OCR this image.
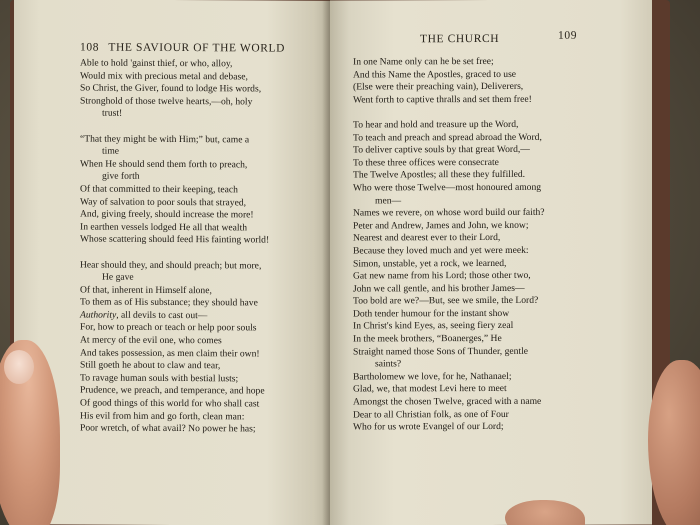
108 THE SAVIOUR OF THE WORLD
Able to hold 'gainst thief, or who, alloy,
Would mix with precious metal and debase,
So Christ, the Giver, found to lodge His words,
Stronghold of those twelve hearts,—oh, holy
trust!
“That they might be with Him;” but, came a
time
When He should send them forth to preach,
give forth
Of that committed to their keeping, teach
Way of salvation to poor souls that strayed,
And, giving freely, should increase the more!
In earthen vessels lodged He all that wealth
Whose scattering should feed His fainting world!
Hear should they, and should preach; but more,
He gave
Of that, inherent in Himself alone,
To them as of His substance; they should have
Authority, all devils to cast out—
For, how to preach or teach or help poor souls
At mercy of the evil one, who comes
And takes possession, as men claim their own!
Still goeth he about to claw and tear,
To ravage human souls with bestial lusts;
Prudence, we preach, and temperance, and hope
Of good things of this world for who shall cast
His evil from him and go forth, clean man:
Poor wretch, of what avail? No power he has;
THE CHURCH	109
In one Name only can he be set free;
And this Name the Apostles, graced to use
(Else were their preaching vain), Deliverers,
Went forth to captive thralls and set them free!
To hear and hold and treasure up the Word,
To teach and preach and spread abroad the Word,
To deliver captive souls by that great Word,—
To these three offices were consecrate
The Twelve Apostles; all these they fulfilled.
Who were those Twelve—most honoured among
men—
Names we revere, on whose word build our faith?
Peter and Andrew, James and John, we know;
Nearest and dearest ever to their Lord,
Because they loved much and yet were meek:
Simon, unstable, yet a rock, we learned,
Gat new name from his Lord; those other two,
John we call gentle, and his brother James—
Too bold are we?—But, see we smile, the Lord?
Doth tender humour for the instant show
In Christ's kind Eyes, as, seeing fiery zeal
In the meek brothers, “Boanerges,” He
Straight named those Sons of Thunder, gentle
saints?
Bartholomew we love, for he, Nathanael;
Glad, we, that modest Levi here to meet
Amongst the chosen Twelve, graced with a name
Dear to all Christian folk, as one of Four
Who for us wrote Evangel of our Lord;
